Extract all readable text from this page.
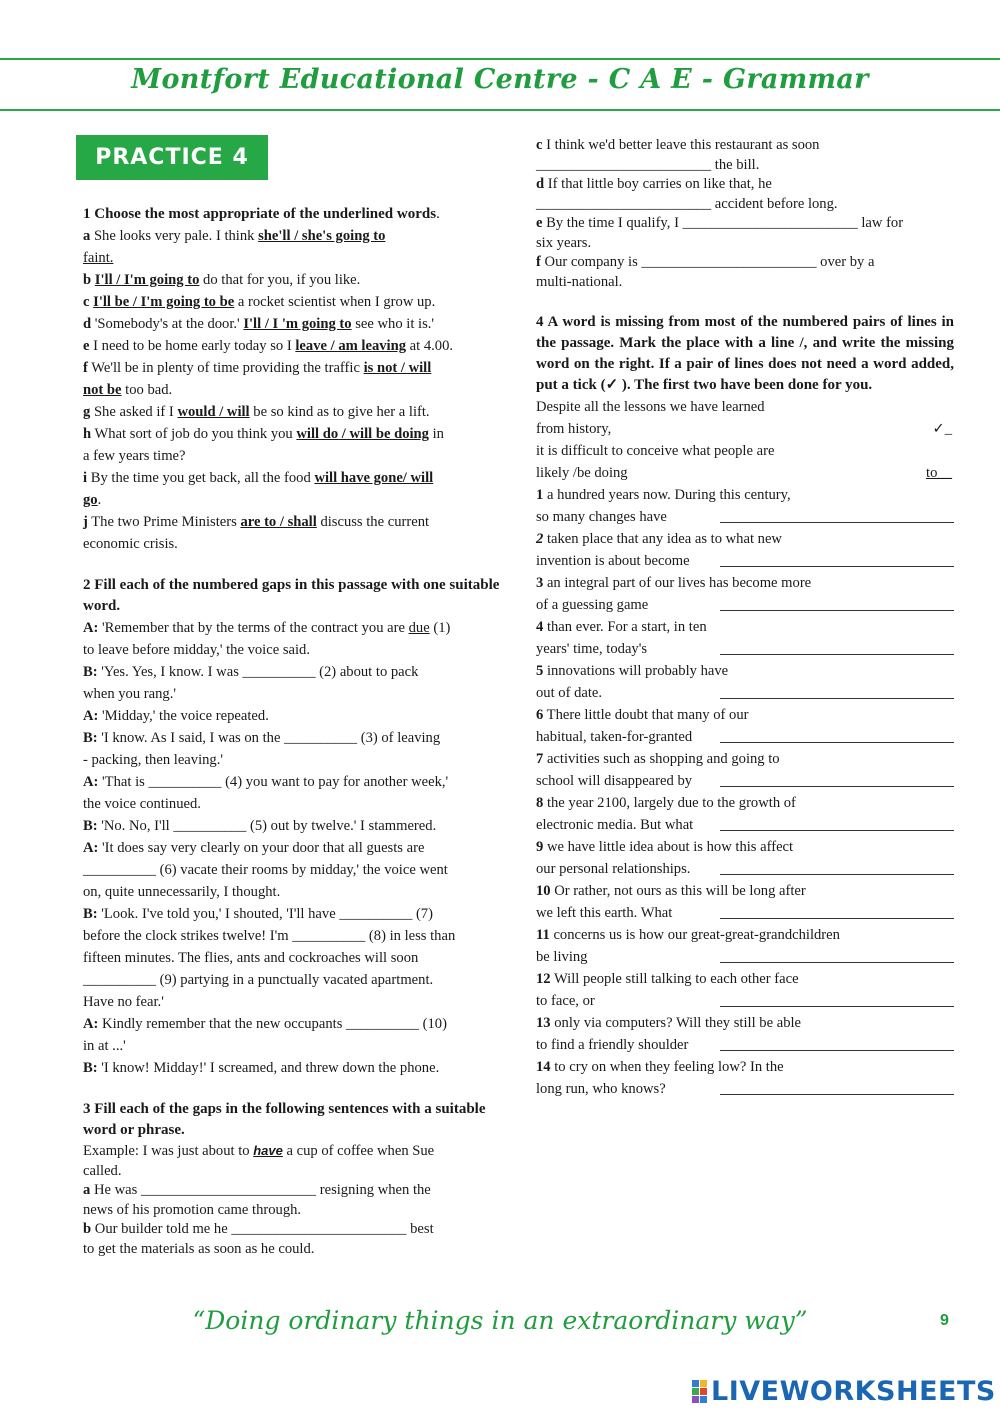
Montfort Educational Centre - C A E - Grammar
PRACTICE 4

1 Choose the most appropriate of the underlined words.

a She looks very pale. I think she'll / she's going to

faint.

b I'll / I'm going to do that for you, if you like.

c I'll be / I'm going to be a rocket scientist when I grow up.

d 'Somebody's at the door.' I'll / I 'm going to see who it is.'

e I need to be home early today so I leave / am leaving at 4.00.

f We'll be in plenty of time providing the traffic is not / will

not be too bad.

g She asked if I would / will be so kind as to give her a lift.

h What sort of job do you think you will do / will be doing in

a few years time?

i By the time you get back, all the food will have gone/ will

go.

j The two Prime Ministers are to / shall discuss the current

economic crisis.

2 Fill each of the numbered gaps in this passage with one suitable word.

A: 'Remember that by the terms of the contract you are due (1)

to leave before midday,' the voice said.

B: 'Yes. Yes, I know. I was __________ (2) about to pack

when you rang.'

A: 'Midday,' the voice repeated.

B: 'I know. As I said, I was on the __________ (3) of leaving

- packing, then leaving.'

A: 'That is __________ (4) you want to pay for another week,'

the voice continued.

B: 'No. No, I'll __________ (5) out by twelve.' I stammered.

A: 'It does say very clearly on your door that all guests are

__________ (6) vacate their rooms by midday,' the voice went

on, quite unnecessarily, I thought.

B: 'Look. I've told you,' I shouted, 'I'll have __________ (7)

before the clock strikes twelve! I'm __________ (8) in less than

fifteen minutes. The flies, ants and cockroaches will soon

__________ (9) partying in a punctually vacated apartment.

Have no fear.'

A: Kindly remember that the new occupants __________ (10)

in at ...'

B: 'I know! Midday!' I screamed, and threw down the phone.

3 Fill each of the gaps in the following sentences with a suitable word or phrase.

Example: I was just about to have a cup of coffee when Sue

called.

a He was ________________________ resigning when the

news of his promotion came through.

b Our builder told me he ________________________ best

to get the materials as soon as he could.

c I think we'd better leave this restaurant as soon

________________________ the bill.

d If that little boy carries on like that, he

________________________ accident before long.

e By the time I qualify, I ________________________ law for

six years.

f Our company is ________________________ over by a

multi-national.

4 A word is missing from most of the numbered pairs of lines in the passage. Mark the place with a line /, and write the missing word on the right. If a pair of lines does not need a word added, put a tick (✓ ). The first two have been done for you.

Despite all the lessons we have learned
from history,	✓_
it is difficult to conceive what people are
likely /be doing	to__
1 a hundred years now. During this century,
so many changes have
2 taken place that any idea as to what new
invention is about become
3 an integral part of our lives has become more
of a guessing game
4 than ever. For a start, in ten
years' time, today's
5 innovations will probably have
out of date.
6 There little doubt that many of our
habitual, taken-for-granted
7 activities such as shopping and going to
school will disappeared by
8 the year 2100, largely due to the growth of
electronic media. But what
9 we have little idea about is how this affect
our personal relationships.
10 Or rather, not ours as this will be long after
we left this earth. What
11 concerns us is how our great-great-grandchildren
be living
12 Will people still talking to each other face
to face, or
13 only via computers? Will they still be able
to find a friendly shoulder
14 to cry on when they feeling low? In the
long run, who knows?
“Doing ordinary things in an extraordinary way”	9
LIVEWORKSHEETS
